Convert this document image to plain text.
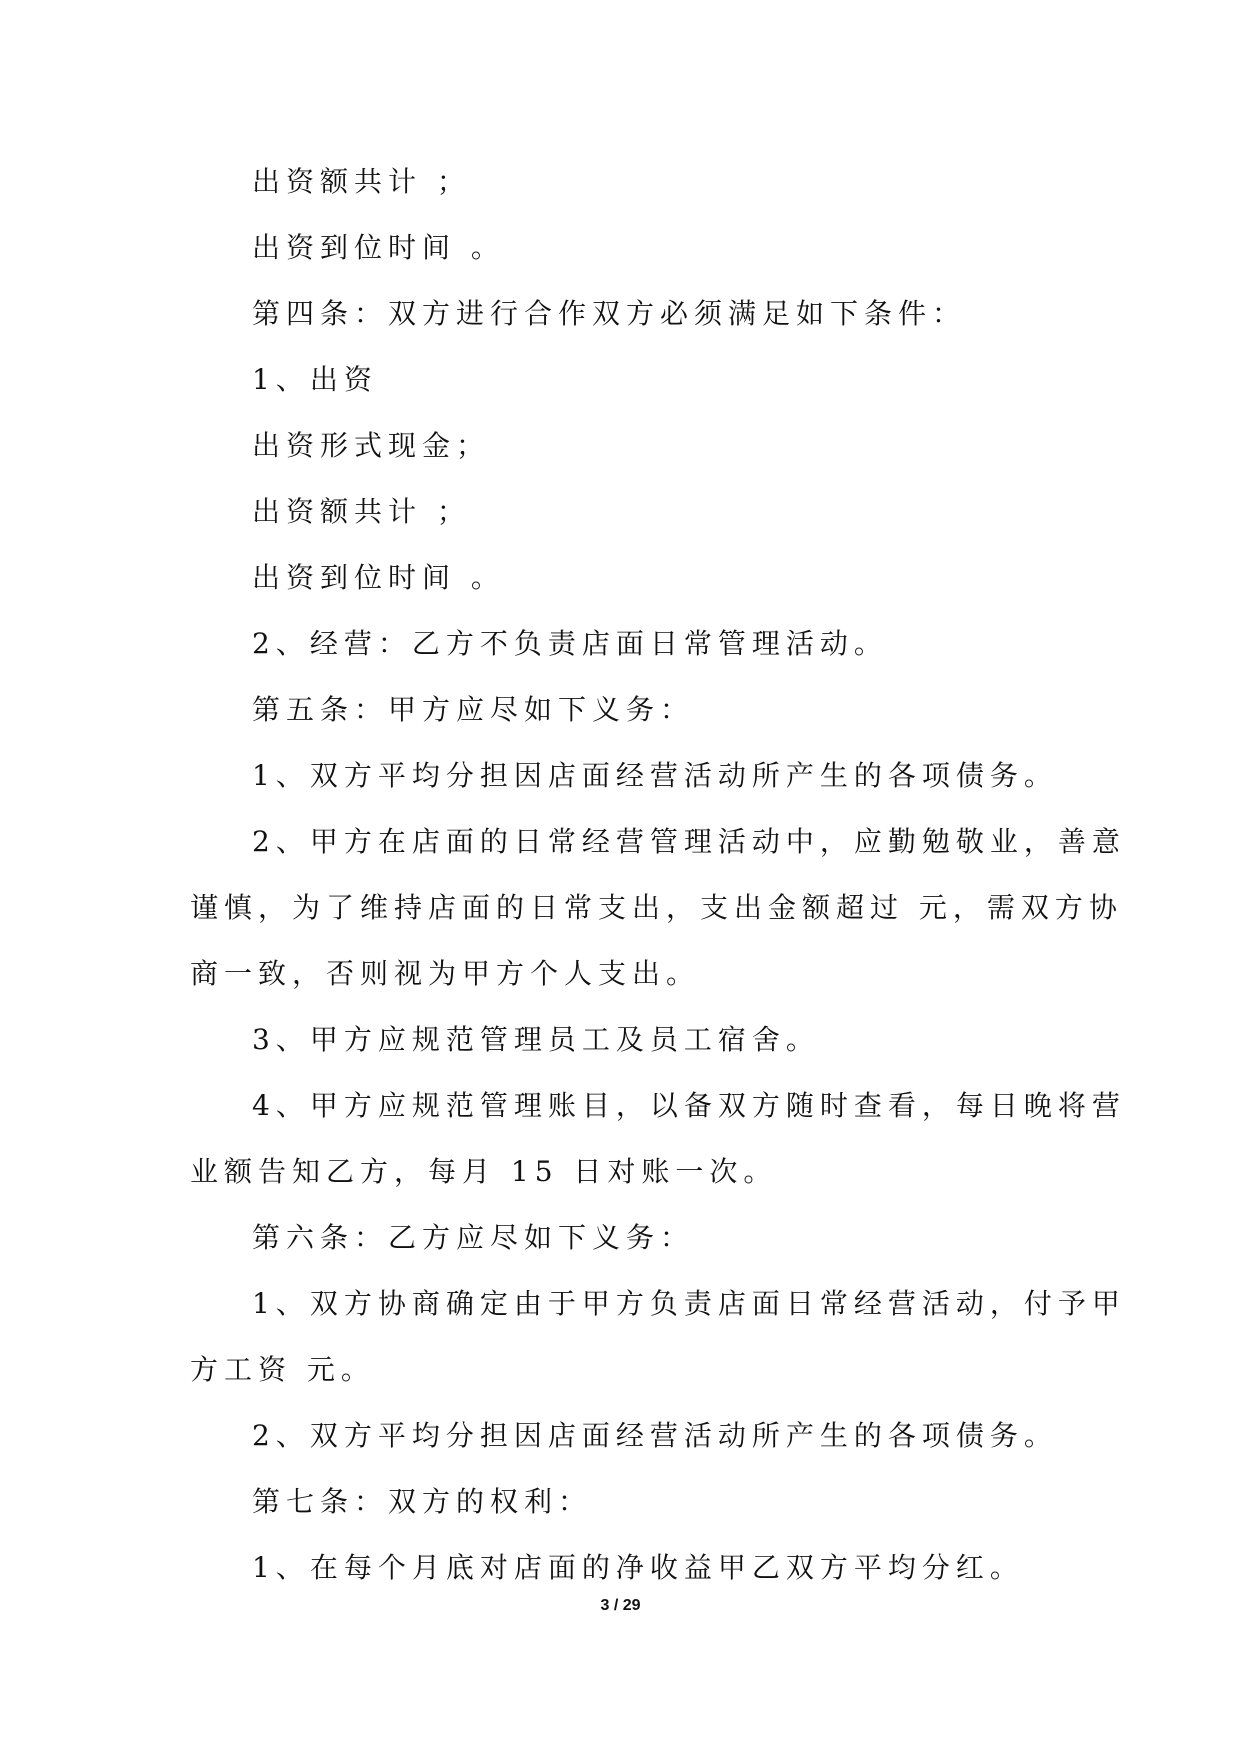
出资额共计 ；
出资到位时间 。
第四条：双方进行合作双方必须满足如下条件：
1、出资
出资形式现金；
出资额共计 ；
出资到位时间 。
2、经营：乙方不负责店面日常管理活动。
第五条：甲方应尽如下义务：
1、双方平均分担因店面经营活动所产生的各项债务。
2、甲方在店面的日常经营管理活动中，应勤勉敬业，善意
谨慎，为了维持店面的日常支出，支出金额超过 元，需双方协
商一致，否则视为甲方个人支出。
3、甲方应规范管理员工及员工宿舍。
4、甲方应规范管理账目，以备双方随时查看，每日晚将营
业额告知乙方，每月 15 日对账一次。
第六条：乙方应尽如下义务：
1、双方协商确定由于甲方负责店面日常经营活动，付予甲
方工资 元。
2、双方平均分担因店面经营活动所产生的各项债务。
第七条：双方的权利：
1、在每个月底对店面的净收益甲乙双方平均分红。
3 / 29
